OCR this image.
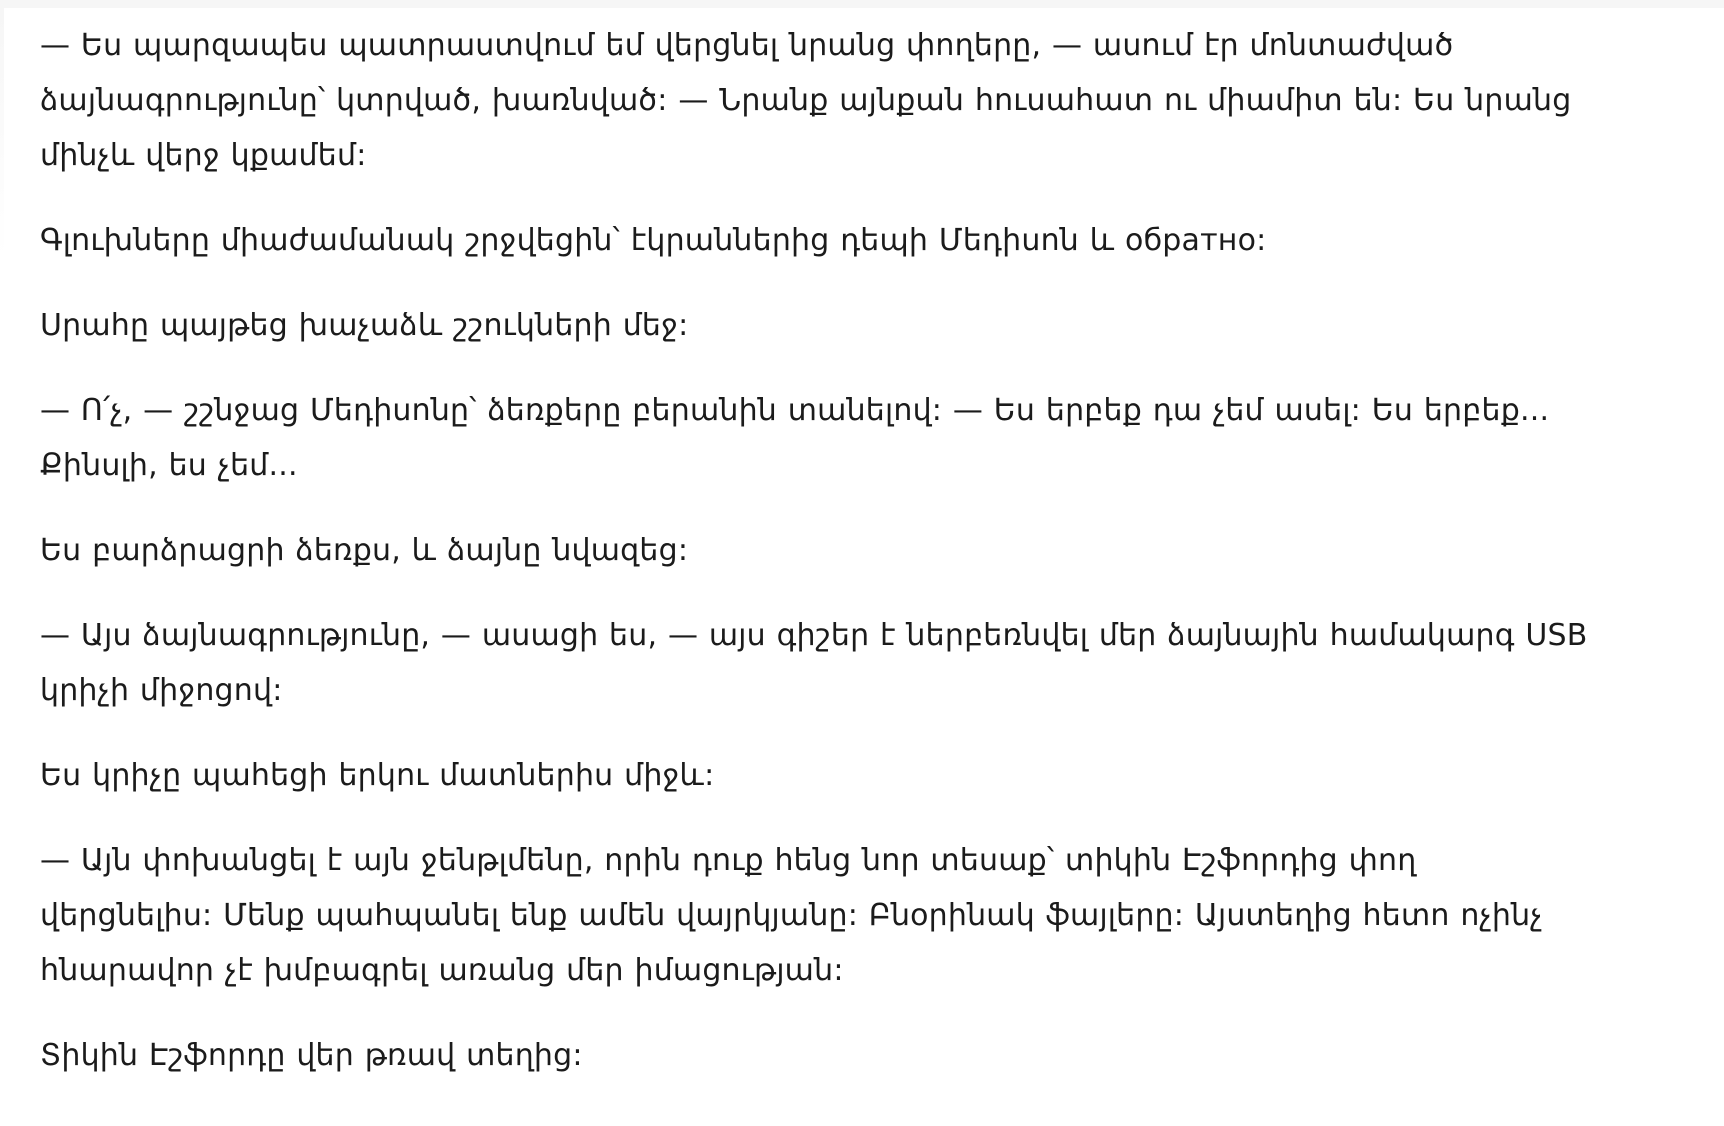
— Ես պարզապես պատրաստվում եմ վերցնել նրանց փողերը, — ասում էր մոնտաժված ձայնագրությունը՝ կտրված, խառնված: — Նրանք այնքան հուսահատ ու միամիտ են: Ես նրանց մինչև վերջ կքամեմ:

Գլուխները միաժամանակ շրջվեցին՝ էկրաններից դեպի Մեդիսոն և обратно:

Սրահը պայթեց խաչաձև շշուկների մեջ:

— Ո՛չ, — շշնջաց Մեդիսոնը՝ ձեռքերը բերանին տանելով: — Ես երբեք դա չեմ ասել: Ես երբեք... Քինսլի, ես չեմ...

Ես բարձրացրի ձեռքս, և ձայնը նվազեց:

— Այս ձայնագրությունը, — ասացի ես, — այս գիշեր է ներբեռնվել մեր ձայնային համակարգ USB կրիչի միջոցով:

Ես կրիչը պահեցի երկու մատներիս միջև:

— Այն փոխանցել է այն ջենթլմենը, որին դուք հենց նոր տեսաք՝ տիկին Էշֆորդից փող վերցնելիս: Մենք պահպանել ենք ամեն վայրկյանը: Բնօրինակ ֆայլերը: Այստեղից հետո ոչինչ հնարավոր չէ խմբագրել առանց մեր իմացության:

Տիկին Էշֆորդը վեր թռավ տեղից:
